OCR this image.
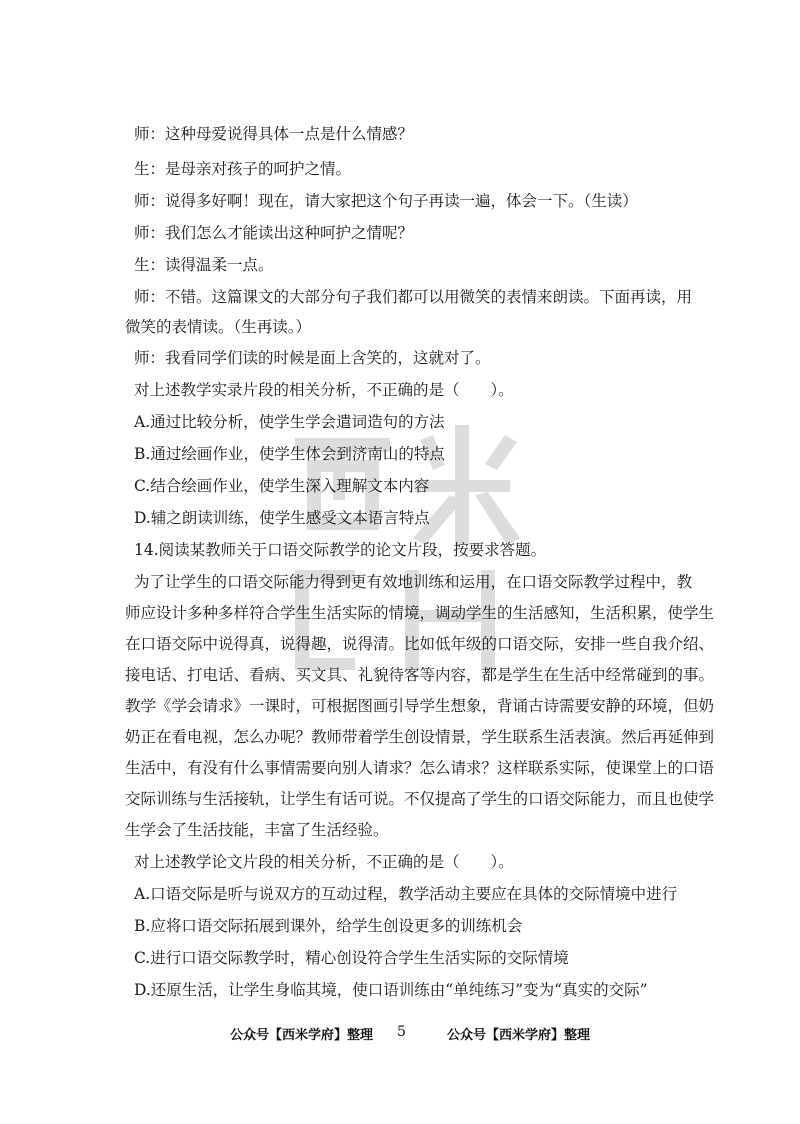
师：这种母爱说得具体一点是什么情感？
生：是母亲对孩子的呵护之情。
师：说得多好啊！现在，请大家把这个句子再读一遍，体会一下。（生读）
师：我们怎么才能读出这种呵护之情呢？
生：读得温柔一点。
师：不错。这篇课文的大部分句子我们都可以用微笑的表情来朗读。下面再读，用
微笑的表情读。（生再读。）
师：我看同学们读的时候是面上含笑的，这就对了。
对上述教学实录片段的相关分析，不正确的是（　　）。
A.通过比较分析，使学生学会遣词造句的方法
B.通过绘画作业，使学生体会到济南山的特点
C.结合绘画作业，使学生深入理解文本内容
D.辅之朗读训练，使学生感受文本语言特点
14.阅读某教师关于口语交际教学的论文片段，按要求答题。
为了让学生的口语交际能力得到更有效地训练和运用，在口语交际教学过程中，教
师应设计多种多样符合学生生活实际的情境，调动学生的生活感知，生活积累，使学生
在口语交际中说得真，说得趣，说得清。比如低年级的口语交际，安排一些自我介绍、
接电话、打电话、看病、买文具、礼貌待客等内容，都是学生在生活中经常碰到的事。
教学《学会请求》一课时，可根据图画引导学生想象，背诵古诗需要安静的环境，但奶
奶正在看电视，怎么办呢？教师带着学生创设情景，学生联系生活表演。然后再延伸到
生活中，有没有什么事情需要向别人请求？怎么请求？这样联系实际，使课堂上的口语
交际训练与生活接轨，让学生有话可说。不仅提高了学生的口语交际能力，而且也使学
生学会了生活技能，丰富了生活经验。
对上述教学论文片段的相关分析，不正确的是（　　）。
A.口语交际是听与说双方的互动过程，教学活动主要应在具体的交际情境中进行
B.应将口语交际拓展到课外，给学生创设更多的训练机会
C.进行口语交际教学时，精心创设符合学生生活实际的交际情境
D.还原生活，让学生身临其境，使口语训练由“单纯练习”变为“真实的交际”
公众号【西米学府】整理 5	公众号【西米学府】整理
